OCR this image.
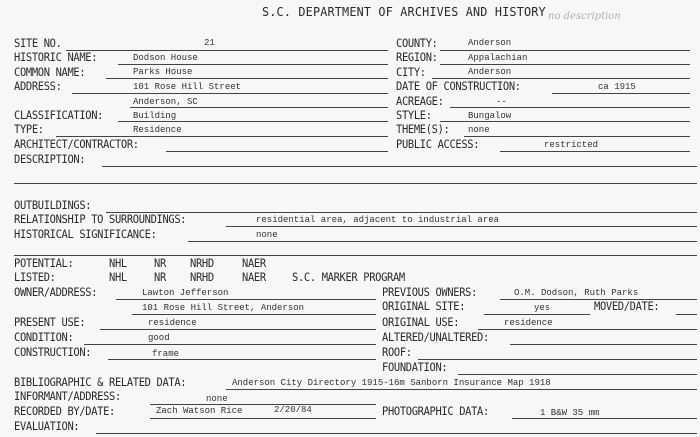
S.C. DEPARTMENT OF ARCHIVES AND HISTORY no description
SITE NO.	21
HISTORIC NAME:	Dodson House
COMMON NAME:	Parks House
ADDRESS:	101 Rose Hill Street
Anderson, SC
CLASSIFICATION:	Building
TYPE:	Residence
ARCHITECT/CONTRACTOR:
DESCRIPTION:
COUNTY:	Anderson
REGION:	Appalachian
CITY:	Anderson
DATE OF CONSTRUCTION:	ca 1915
ACREAGE:	--
STYLE:	Bungalow
THEME(S): none
PUBLIC ACCESS:	restricted
OUTBUILDINGS:
RELATIONSHIP TO SURROUNDINGS:	residential area, adjacent to industrial area
HISTORICAL SIGNIFICANCE:	none
POTENTIAL:	NHL NR NRHD	NAER
LISTED:	NHL NR NRHD	NAER S.C. MARKER PROGRAM
OWNER/ADDRESS:	Lawton Jefferson
101 Rose Hill Street, Anderson
PRESENT USE:	residence
CONDITION:	good
CONSTRUCTION:	frame
PREVIOUS OWNERS:	O.M. Dodson, Ruth Parks
ORIGINAL SITE:	yes	MOVED/DATE:
ORIGINAL USE:	residence
ALTERED/UNALTERED:
ROOF:
FOUNDATION:
BIBLIOGRAPHIC & RELATED DATA:	Anderson City Directory 1915-16m Sanborn Insurance Map 1918
INFORMANT/ADDRESS:	none
RECORDED BY/DATE:	Zach Watson Rice	2/20/84	PHOTOGRAPHIC DATA:	1 B&W 35 mm
EVALUATION:
